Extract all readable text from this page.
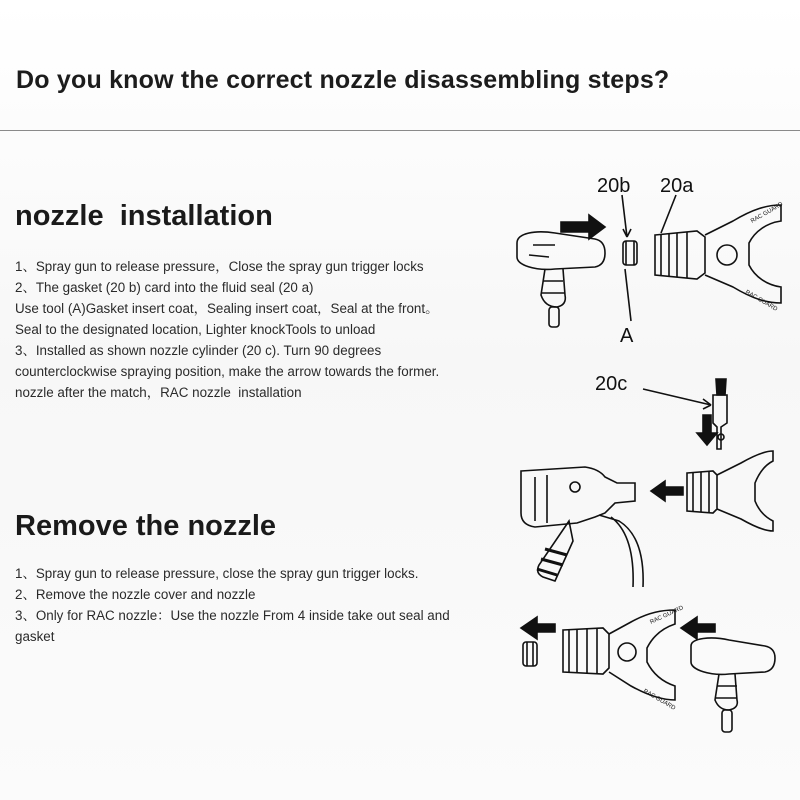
Do you know the correct nozzle disassembling steps?
nozzle  installation

1、Spray gun to release pressure，Close the spray gun trigger locks

2、The gasket (20 b) card into the fluid seal (20 a)

Use tool (A)Gasket insert coat，Sealing insert coat，Seal at the front。

Seal to the designated location, Lighter knockTools to unload

3、Installed as shown nozzle cylinder (20 c). Turn 90 degrees

counterclockwise spraying position, make the arrow towards the former.

nozzle after the match，RAC nozzle  installation

Remove the nozzle

1、Spray gun to release pressure, close the spray gun trigger locks.

2、Remove the nozzle cover and nozzle

3、Only for RAC nozzle：Use the nozzle From 4 inside take out seal and gasket

20b 20a
A
RAC GUARD
RAC GUARD
20c
RAC GUARD
RAC GUARD
